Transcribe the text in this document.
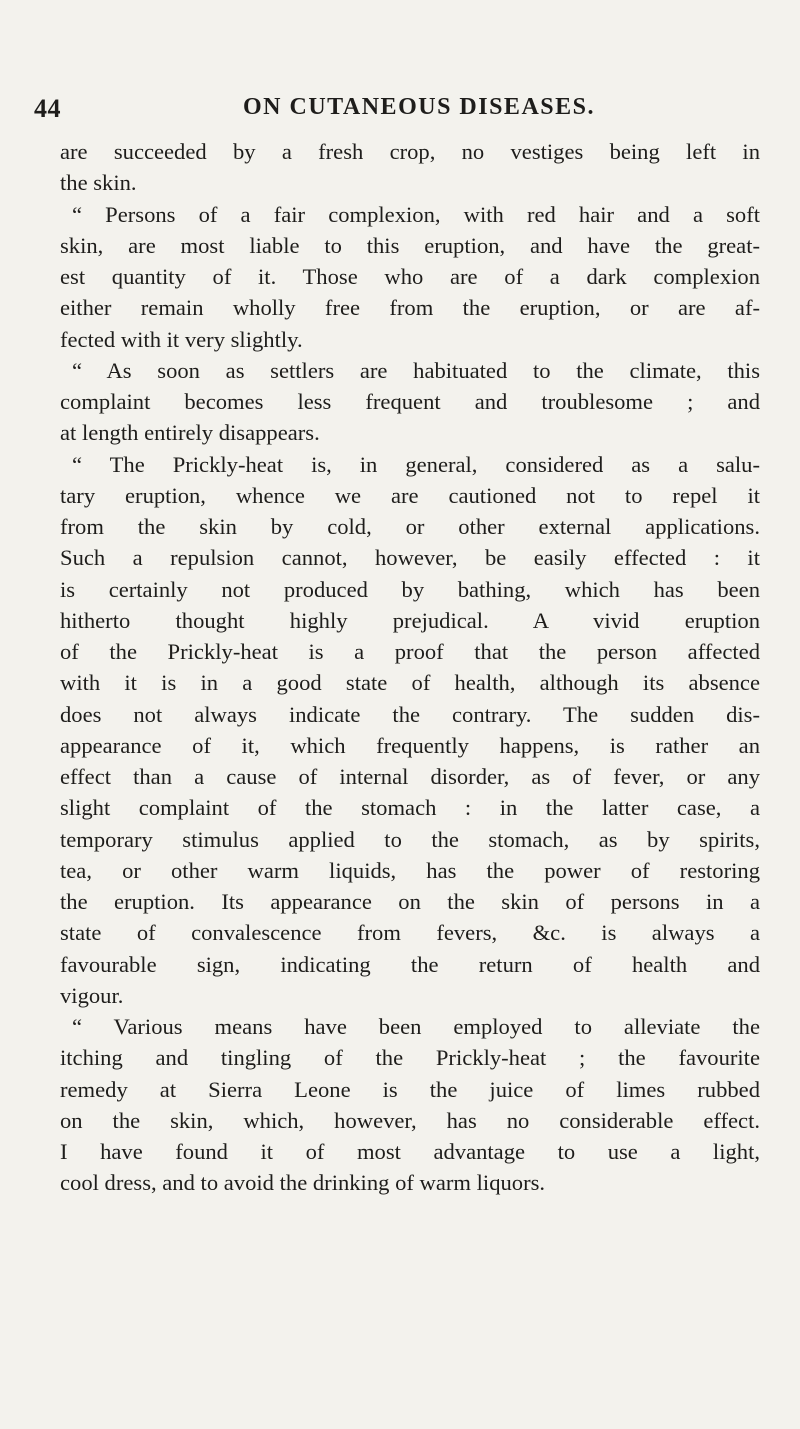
44	ON CUTANEOUS DISEASES.
are succeeded by a fresh crop, no vestiges being left in
the skin.
“ Persons of a fair complexion, with red hair and a soft
skin, are most liable to this eruption, and have the great-
est quantity of it. Those who are of a dark complexion
either remain wholly free from the eruption, or are af-
fected with it very slightly.
“ As soon as settlers are habituated to the climate, this
complaint becomes less frequent and troublesome ; and
at length entirely disappears.
“ The Prickly-heat is, in general, considered as a salu-
tary eruption, whence we are cautioned not to repel it
from the skin by cold, or other external applications.
Such a repulsion cannot, however, be easily effected : it
is certainly not produced by bathing, which has been
hitherto thought highly prejudical. A vivid eruption
of the Prickly-heat is a proof that the person affected
with it is in a good state of health, although its absence
does not always indicate the contrary. The sudden dis-
appearance of it, which frequently happens, is rather an
effect than a cause of internal disorder, as of fever, or any
slight complaint of the stomach : in the latter case, a
temporary stimulus applied to the stomach, as by spirits,
tea, or other warm liquids, has the power of restoring
the eruption. Its appearance on the skin of persons in a
state of convalescence from fevers, &c. is always a
favourable sign, indicating the return of health and
vigour.
“ Various means have been employed to alleviate the
itching and tingling of the Prickly-heat ; the favourite
remedy at Sierra Leone is the juice of limes rubbed
on the skin, which, however, has no considerable effect.
I have found it of most advantage to use a light,
cool dress, and to avoid the drinking of warm liquors.
